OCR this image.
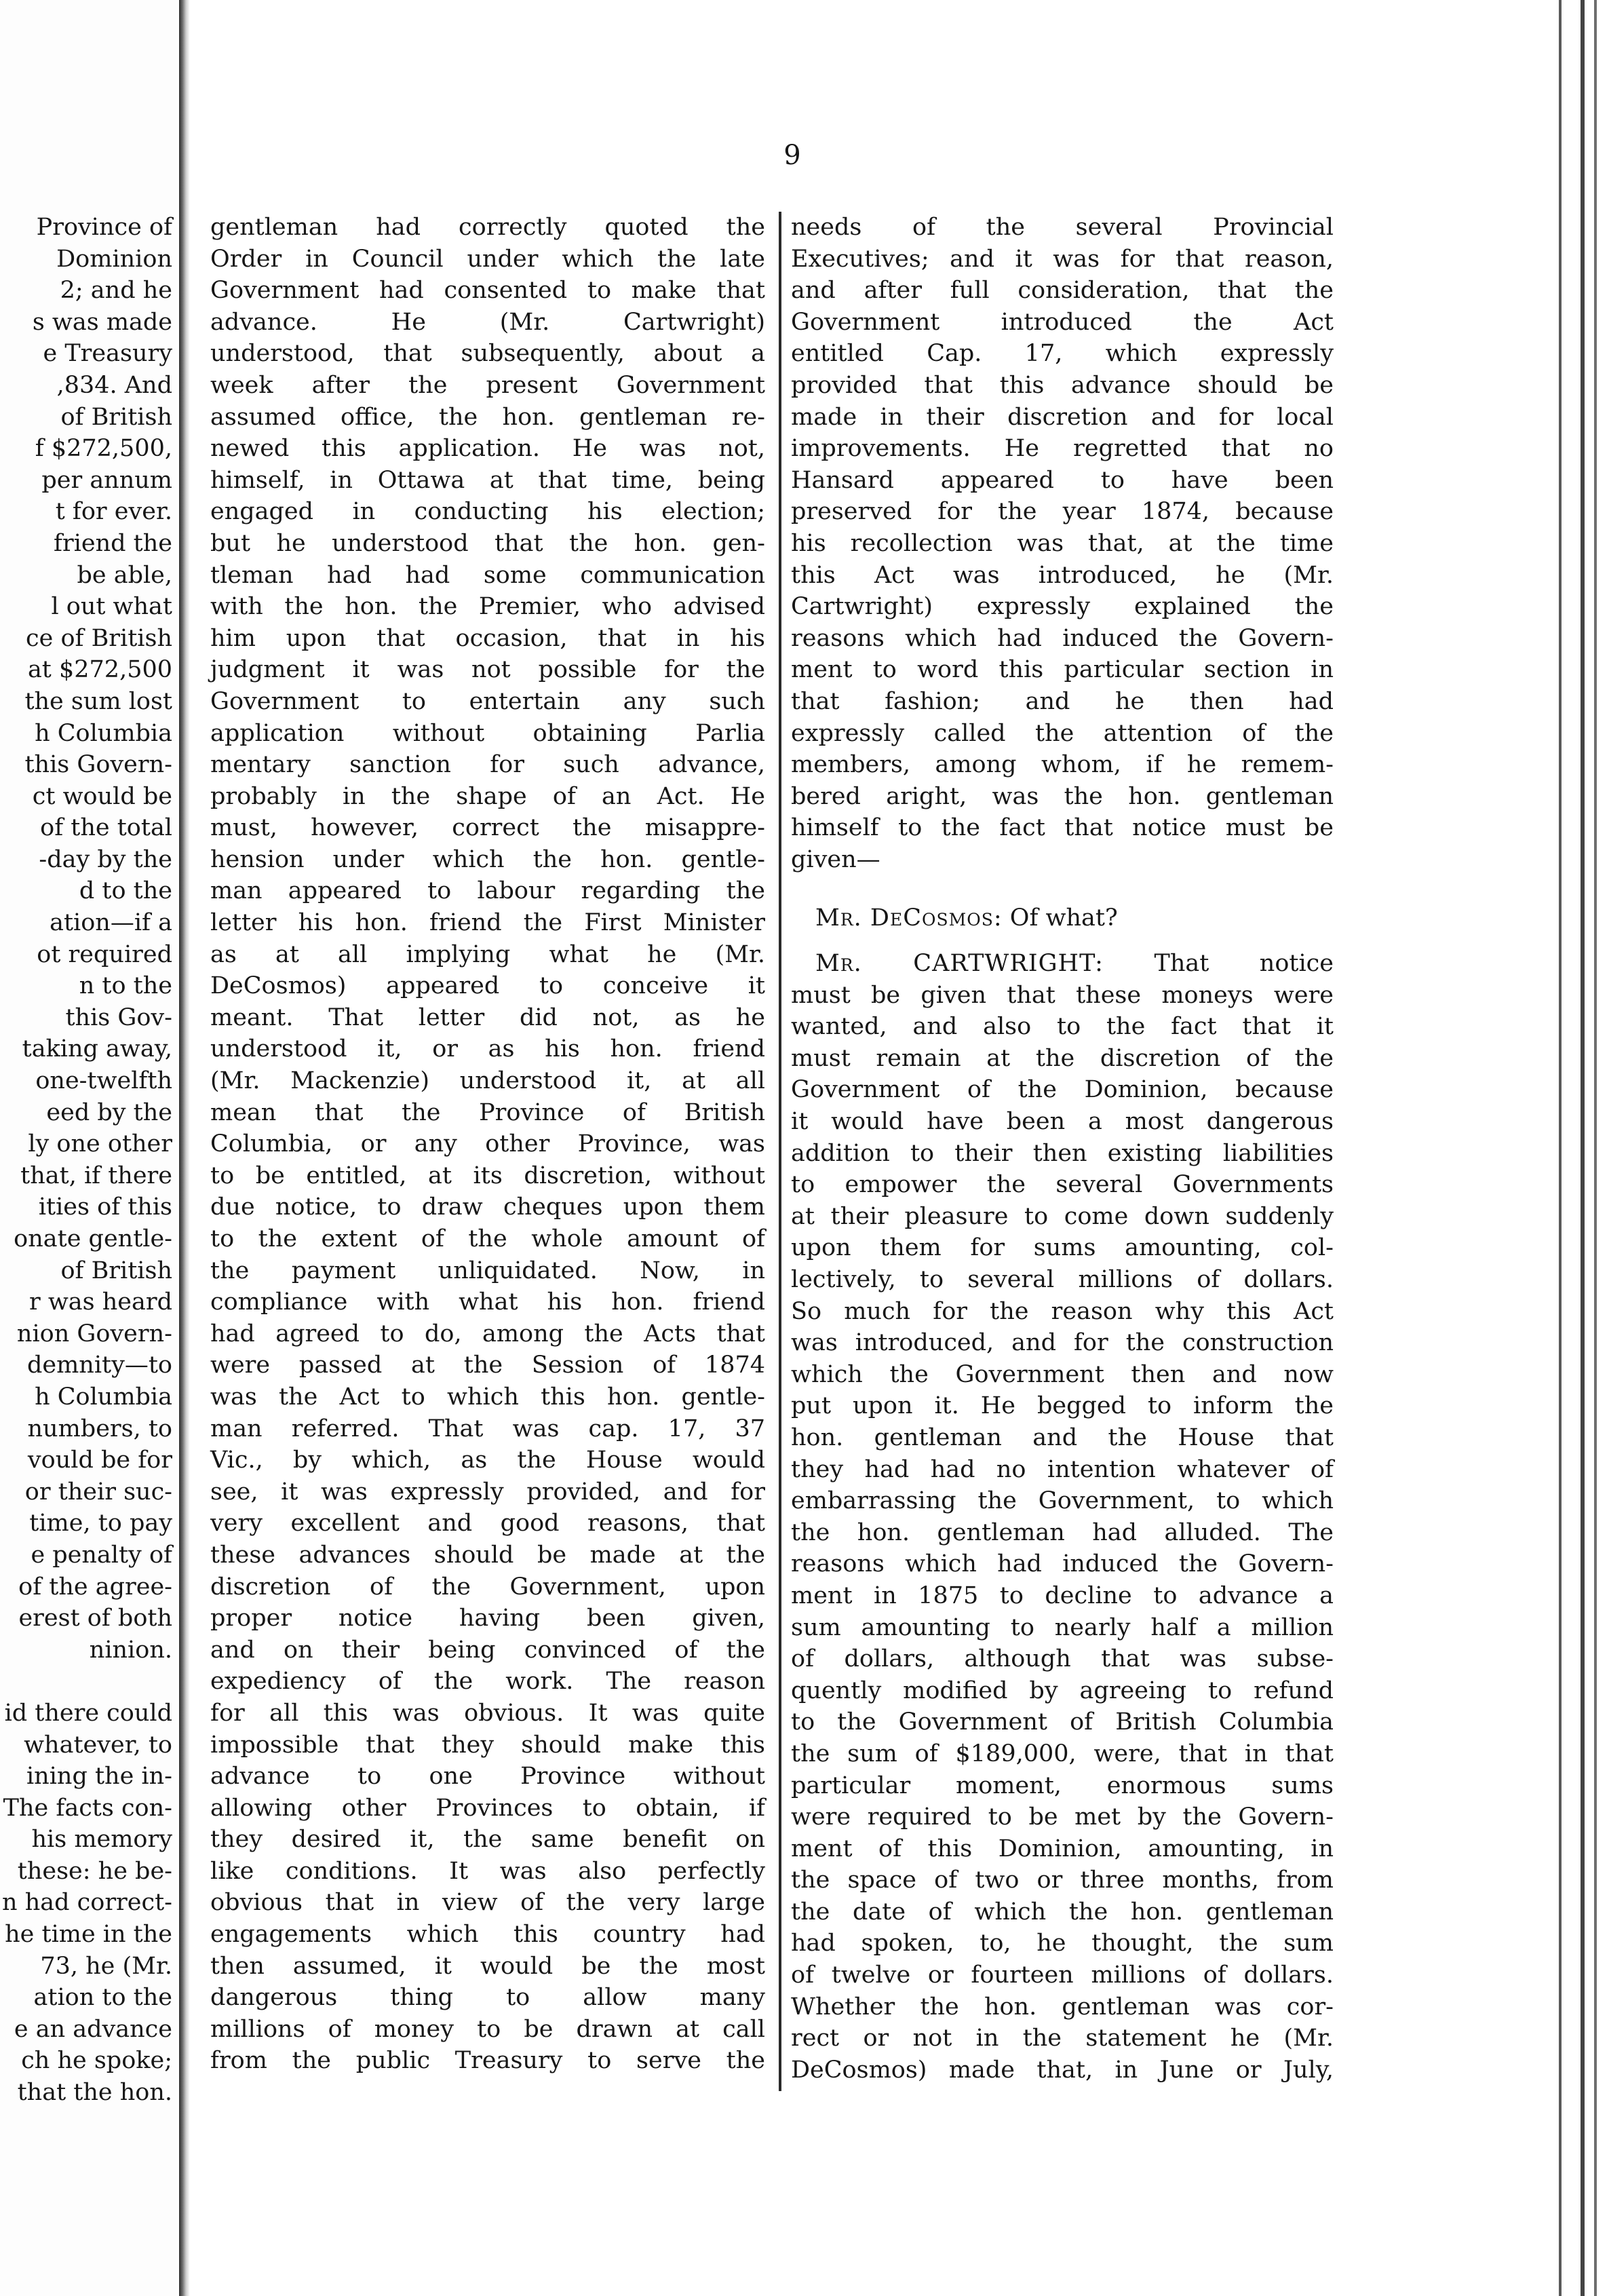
Province of
Dominion
2; and he
s was made
e Treasury
,834. And
of British
f $272,500,
per annum
t for ever.
friend the
be able,
l out what
ce of British
at $272,500
the sum lost
h Columbia
this Govern-
ct would be
of the total
-day by the
d to the
ation—if a
ot required
n to the
this Gov-
taking away,
one-twelfth
eed by the
ly one other
that, if there
ities of this
onate gentle-
of British
r was heard
nion Govern-
demnity—to
h Columbia
numbers, to
vould be for
or their suc-
time, to pay
e penalty of
of the agree-
erest of both
ninion.
id there could
whatever, to
ining the in-
The facts con-
his memory
these: he be-
n had correct-
he time in the
73, he (Mr.
ation to the
e an advance
ch he spoke;
that the hon.
9
gentleman had correctly quoted the
Order in Council under which the late
Government had consented to make that
advance. He (Mr. Cartwright)
understood, that subsequently, about a
week after the present Government
assumed office, the hon. gentleman re-
newed this application. He was not,
himself, in Ottawa at that time, being
engaged in conducting his election;
but he understood that the hon. gen-
tleman had had some communication
with the hon. the Premier, who advised
him upon that occasion, that in his
judgment it was not possible for the
Government to entertain any such
application without obtaining Parlia
mentary sanction for such advance,
probably in the shape of an Act. He
must, however, correct the misappre-
hension under which the hon. gentle-
man appeared to labour regarding the
letter his hon. friend the First Minister
as at all implying what he (Mr.
DeCosmos) appeared to conceive it
meant. That letter did not, as he
understood it, or as his hon. friend
(Mr. Mackenzie) understood it, at all
mean that the Province of British
Columbia, or any other Province, was
to be entitled, at its discretion, without
due notice, to draw cheques upon them
to the extent of the whole amount of
the payment unliquidated. Now, in
compliance with what his hon. friend
had agreed to do, among the Acts that
were passed at the Session of 1874
was the Act to which this hon. gentle-
man referred. That was cap. 17, 37
Vic., by which, as the House would
see, it was expressly provided, and for
very excellent and good reasons, that
these advances should be made at the
discretion of the Government, upon
proper notice having been given,
and on their being convinced of the
expediency of the work. The reason
for all this was obvious. It was quite
impossible that they should make this
advance to one Province without
allowing other Provinces to obtain, if
they desired it, the same benefit on
like conditions. It was also perfectly
obvious that in view of the very large
engagements which this country had
then assumed, it would be the most
dangerous thing to allow many
millions of money to be drawn at call
from the public Treasury to serve the
needs of the several Provincial
Executives; and it was for that reason,
and after full consideration, that the
Government introduced the Act
entitled Cap. 17, which expressly
provided that this advance should be
made in their discretion and for local
improvements. He regretted that no
Hansard appeared to have been
preserved for the year 1874, because
his recollection was that, at the time
this Act was introduced, he (Mr.
Cartwright) expressly explained the
reasons which had induced the Govern-
ment to word this particular section in
that fashion; and he then had
expressly called the attention of the
members, among whom, if he remem-
bered aright, was the hon. gentleman
himself to the fact that notice must be
given—
Mr. DeCosmos: Of what?
Mr. CARTWRIGHT: That notice
must be given that these moneys were
wanted, and also to the fact that it
must remain at the discretion of the
Government of the Dominion, because
it would have been a most dangerous
addition to their then existing liabilities
to empower the several Governments
at their pleasure to come down suddenly
upon them for sums amounting, col-
lectively, to several millions of dollars.
So much for the reason why this Act
was introduced, and for the construction
which the Government then and now
put upon it. He begged to inform the
hon. gentleman and the House that
they had had no intention whatever of
embarrassing the Government, to which
the hon. gentleman had alluded. The
reasons which had induced the Govern-
ment in 1875 to decline to advance a
sum amounting to nearly half a million
of dollars, although that was subse-
quently modified by agreeing to refund
to the Government of British Columbia
the sum of $189,000, were, that in that
particular moment, enormous sums
were required to be met by the Govern-
ment of this Dominion, amounting, in
the space of two or three months, from
the date of which the hon. gentleman
had spoken, to, he thought, the sum
of twelve or fourteen millions of dollars.
Whether the hon. gentleman was cor-
rect or not in the statement he (Mr.
DeCosmos) made that, in June or July,
